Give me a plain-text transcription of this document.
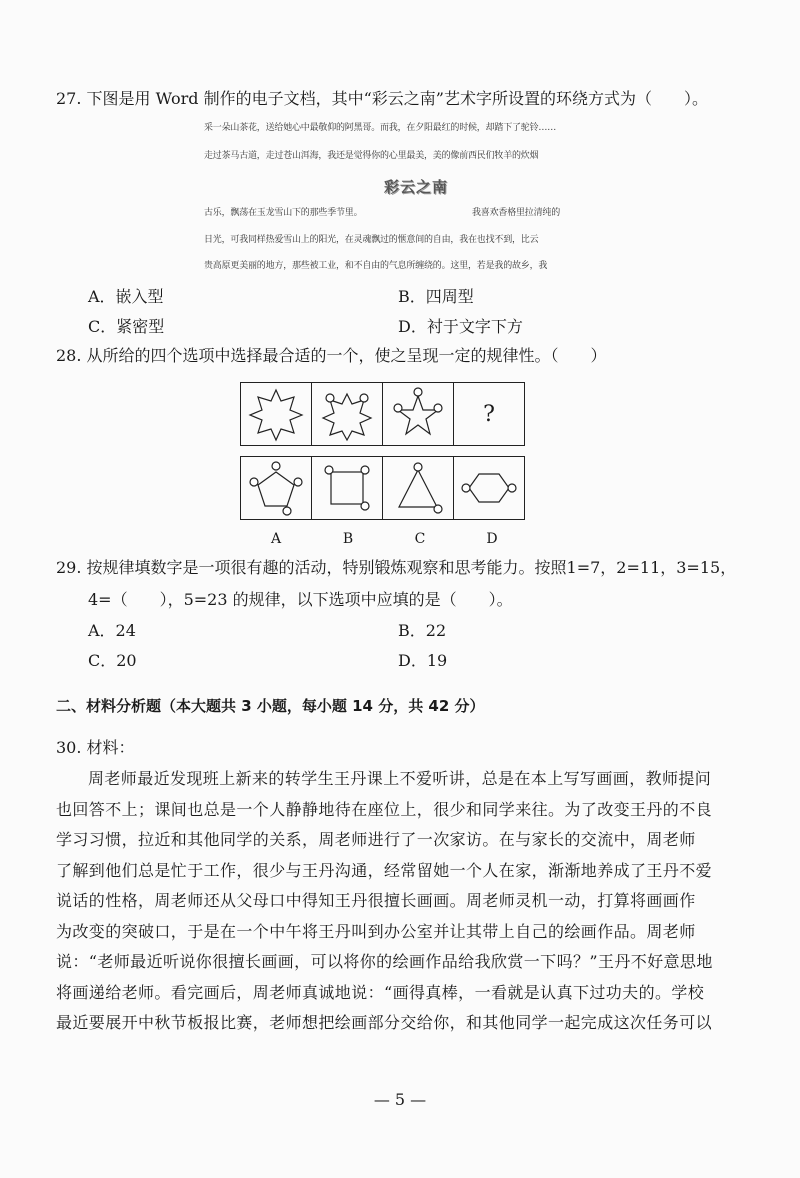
27. 下图是用 Word 制作的电子文档，其中“彩云之南”艺术字所设置的环绕方式为（　　）。
采一朵山茶花，送给她心中最敬仰的阿黑哥。而我，在夕阳最红的时候，却踏下了驼铃……
走过茶马古道，走过苍山洱海，我还是觉得你的心里最美，美的像前西民们牧羊的炊烟
彩云之南
古乐，飘荡在玉龙雪山下的那些季节里。	我喜欢香格里拉清纯的
日光，可我同样热爱雪山上的阳光，在灵魂飘过的惬意间的自由，我在也找不到，比云
贵高原更美丽的地方，那些被工业，和不自由的气息所缠绕的。这里，若是我的故乡，我
A．嵌入型	B．四周型
C．紧密型	D．衬于文字下方
28. 从所给的四个选项中选择最合适的一个，使之呈现一定的规律性。（　　）
?
A	B	C	D
29. 按规律填数字是一项很有趣的活动，特别锻炼观察和思考能力。按照1=7，2=11，3=15，
4=（　　），5=23 的规律，以下选项中应填的是（　　）。
A．24	B．22
C．20	D．19
二、材料分析题（本大题共 3 小题，每小题 14 分，共 42 分）
30. 材料：
周老师最近发现班上新来的转学生王丹课上不爱听讲，总是在本上写写画画，教师提问
也回答不上；课间也总是一个人静静地待在座位上，很少和同学来往。为了改变王丹的不良
学习习惯，拉近和其他同学的关系，周老师进行了一次家访。在与家长的交流中，周老师
了解到他们总是忙于工作，很少与王丹沟通，经常留她一个人在家，渐渐地养成了王丹不爱
说话的性格，周老师还从父母口中得知王丹很擅长画画。周老师灵机一动，打算将画画作
为改变的突破口，于是在一个中午将王丹叫到办公室并让其带上自己的绘画作品。周老师
说：“老师最近听说你很擅长画画，可以将你的绘画作品给我欣赏一下吗？”王丹不好意思地
将画递给老师。看完画后，周老师真诚地说：“画得真棒，一看就是认真下过功夫的。学校
最近要展开中秋节板报比赛，老师想把绘画部分交给你，和其他同学一起完成这次任务可以
— 5 —
